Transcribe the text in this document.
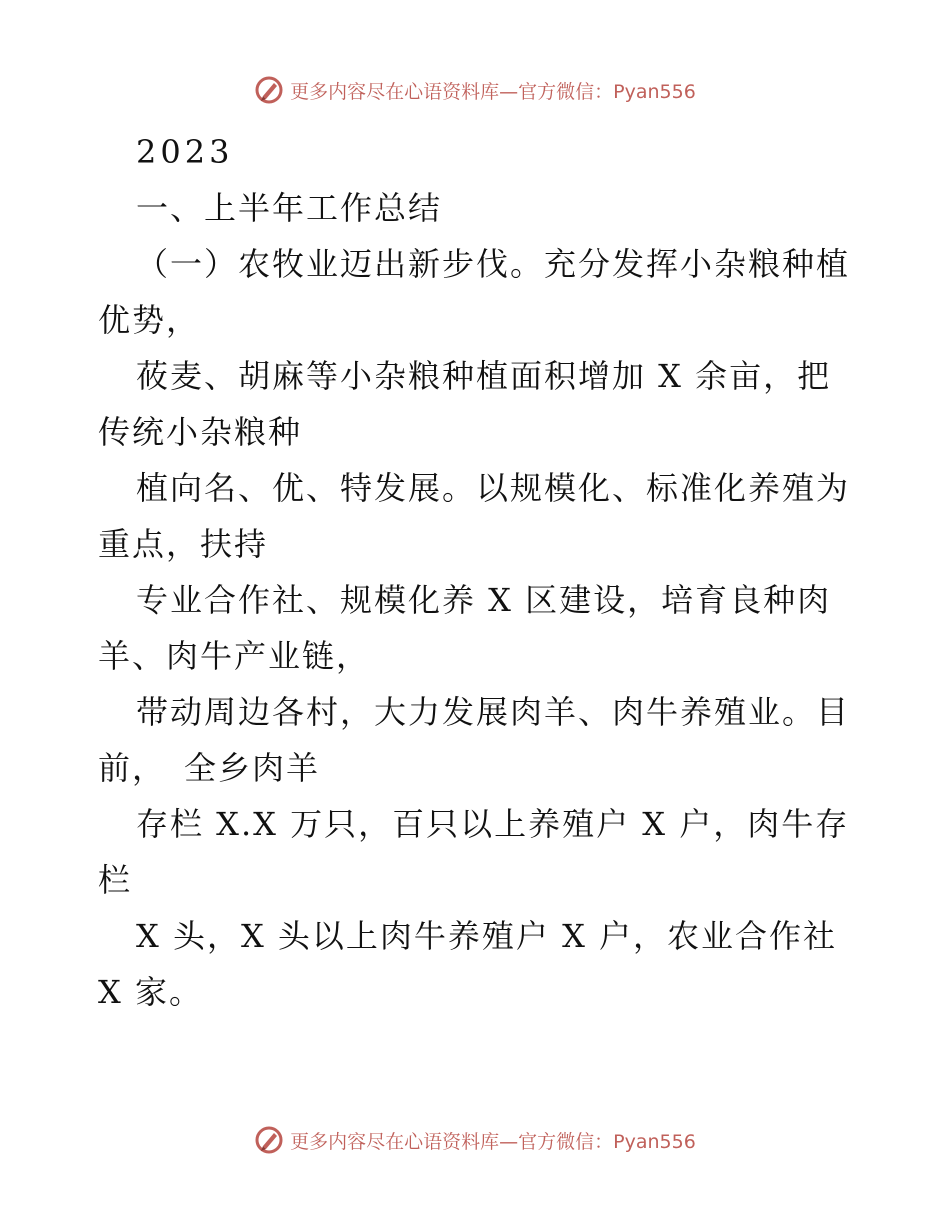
更多内容尽在心语资料库—官方微信：Pyan556
2023
一、上半年工作总结
（一）农牧业迈出新步伐。充分发挥小杂粮种植
优势，
莜麦、胡麻等小杂粮种植面积增加 X 余亩，把
传统小杂粮种
植向名、优、特发展。以规模化、标准化养殖为
重点，扶持
专业合作社、规模化养 X 区建设，培育良种肉
羊、肉牛产业链，
带动周边各村，大力发展肉羊、肉牛养殖业。目
前，　全乡肉羊
存栏 X.X 万只，百只以上养殖户 X 户，肉牛存
栏
X 头，X 头以上肉牛养殖户 X 户，农业合作社
X 家。
更多内容尽在心语资料库—官方微信：Pyan556
